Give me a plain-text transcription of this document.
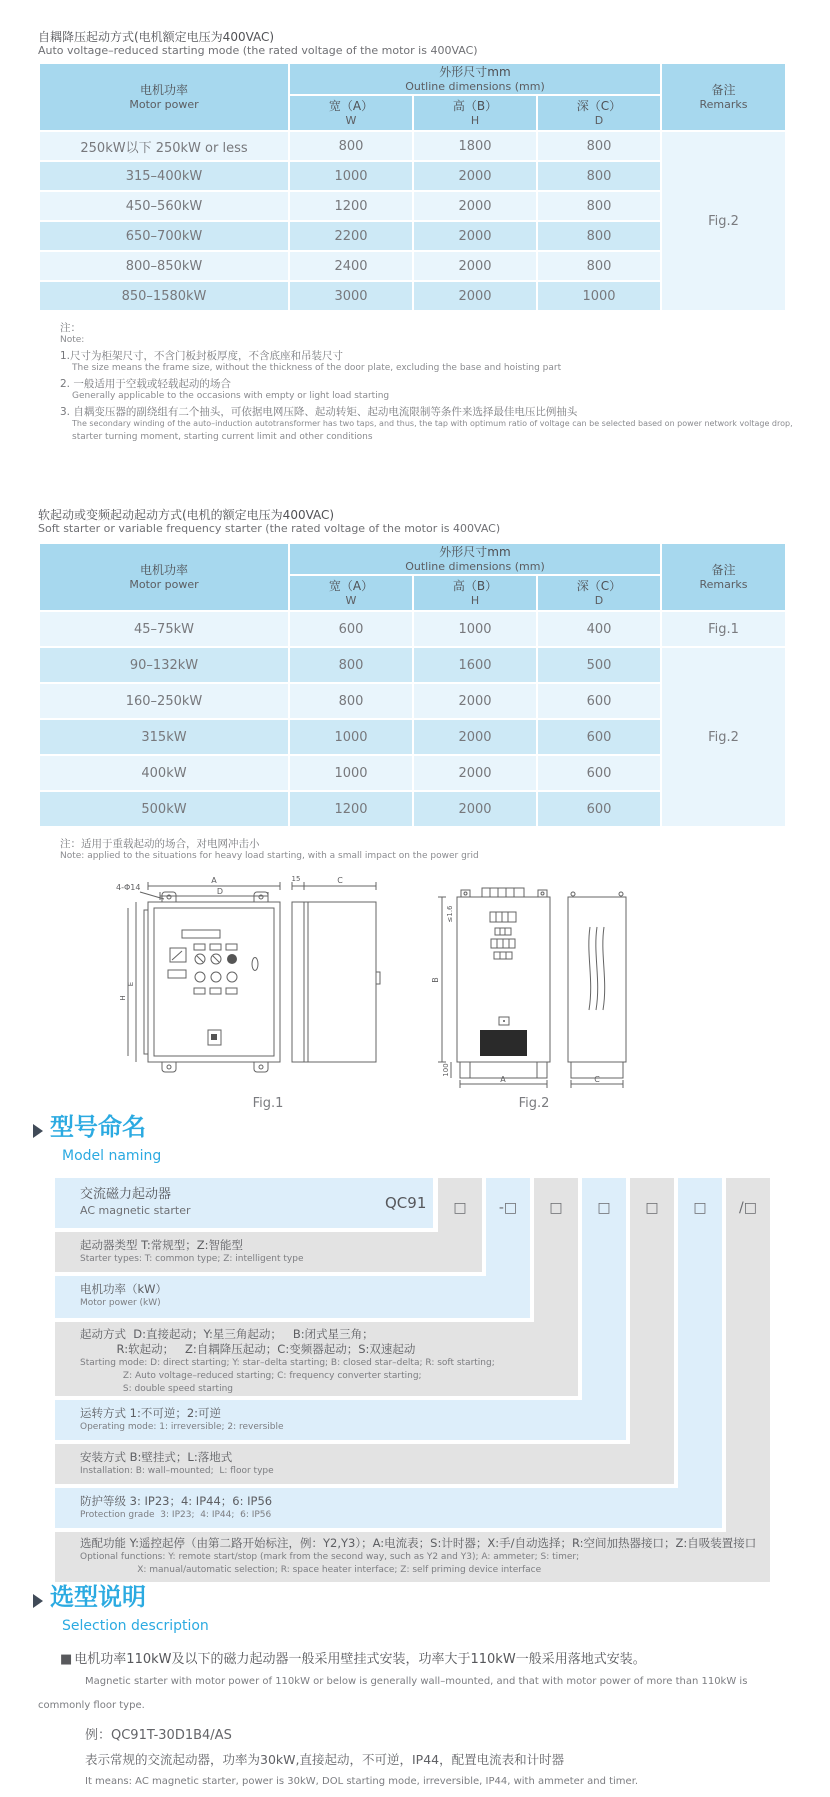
自耦降压起动方式(电机额定电压为400VAC)
Auto voltage–reduced starting mode (the rated voltage of the motor is 400VAC)
电机功率
Motor power

外形尺寸mm
Outline dimensions (mm)	备注
Remarks

宽（A）
W

高（B）
H

深（C）
D

250kW以下 250kW or less	800	1800	800	Fig.2
315–400kW	1000	2000	800	
450–560kW	1200	2000	800	
650–700kW	2200	2000	800	
800–850kW	2400	2000	800	
850–1580kW	3000	2000	1000	
注：
Note:
1.尺寸为柜架尺寸，不含门板封板厚度，不含底座和吊装尺寸
The size means the frame size, without the thickness of the door plate, excluding the base and hoisting part
2. 一般适用于空载或轻载起动的场合
Generally applicable to the occasions with empty or light load starting
3. 自耦变压器的副绕组有二个抽头，可依据电网压降、起动转矩、起动电流限制等条件来选择最佳电压比例抽头
The secondary winding of the auto–induction autotransformer has two taps, and thus, the tap with optimum ratio of voltage can be selected based on power network voltage drop,
starter turning moment, starting current limit and other conditions
软起动或变频起动起动方式(电机的额定电压为400VAC)
Soft starter or variable frequency starter (the rated voltage of the motor is 400VAC)
电机功率
Motor power

外形尺寸mm
Outline dimensions (mm)	备注
Remarks

宽（A）
W

高（B）
H

深（C）
D

45–75kW	600	1000	400	Fig.1
90–132kW	800	1600	500	Fig.2
160–250kW	800	2000	600	
315kW	1000	2000	600	
400kW	1000	2000	600	
500kW	1200	2000	600	
注：适用于重载起动的场合，对电网冲击小
Note: applied to the situations for heavy load starting, with a small impact on the power grid
A
D
4-Φ14
E
H
15	C
≤1.6
B
100
A	C
Fig.1	Fig.2
型号命名
Model naming
交流磁力起动器
AC magnetic starter	QC91	□	-□	□	□	□	□	/□
起动器类型 T:常规型；Z:智能型
Starter types: T: common type; Z: intelligent type
电机功率（kW）
Motor power (kW)
起动方式  D:直接起动；Y:星三角起动；   B:闭式星三角；
R:软起动；   Z:自耦降压起动；C:变频器起动；S:双速起动
Starting mode: D: direct starting; Y: star–delta starting; B: closed star–delta; R: soft starting;
Z: Auto voltage–reduced starting; C: frequency converter starting;
S: double speed starting
运转方式 1:不可逆；2:可逆
Operating mode: 1: irreversible; 2: reversible
安装方式 B:壁挂式；L:落地式
Installation: B: wall–mounted;  L: floor type
防护等级 3: IP23；4: IP44；6: IP56
Protection grade  3: IP23;  4: IP44;  6: IP56
选配功能 Y:遥控起停（由第二路开始标注，例：Y2,Y3）；A:电流表；S:计时器；X:手/自动选择；R:空间加热器接口；Z:自吸装置接口
Optional functions: Y: remote start/stop (mark from the second way, such as Y2 and Y3); A: ammeter; S: timer;
X: manual/automatic selection; R: space heater interface; Z: self priming device interface
选型说明
Selection description
■ 电机功率110kW及以下的磁力起动器一般采用壁挂式安装，功率大于110kW一般采用落地式安装。
Magnetic starter with motor power of 110kW or below is generally wall–mounted, and that with motor power of more than 110kW is
commonly floor type.
例：QC91T-30D1B4/AS
表示常规的交流起动器，功率为30kW,直接起动，不可逆，IP44，配置电流表和计时器
It means: AC magnetic starter, power is 30kW, DOL starting mode, irreversible, IP44, with ammeter and timer.
